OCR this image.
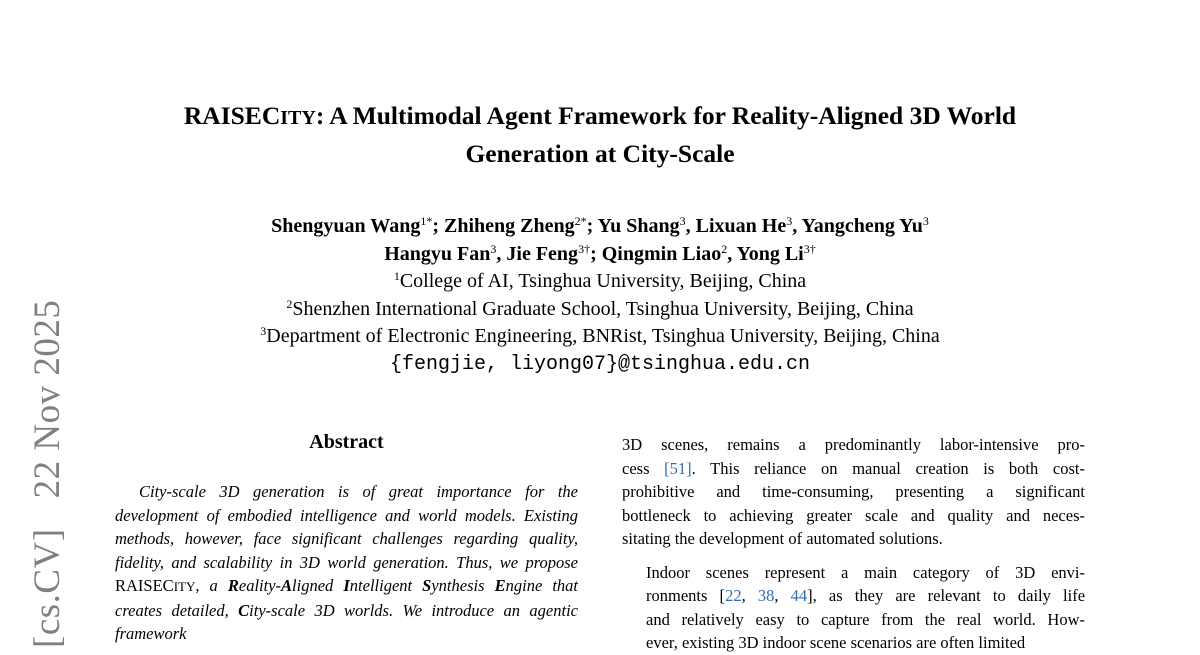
[cs.CV]22 Nov 2025
RAISECITY: A Multimodal Agent Framework for Reality-Aligned 3D World
Generation at City-Scale
Shengyuan Wang$^{1*}$; Zhiheng Zheng$^{2*}$; Yu Shang$^3$, Lixuan He$^3$, Yangcheng Yu$^3$
Hangyu Fan$^3$, Jie Feng$^{3\dagger}$; Qingmin Liao$^2$, Yong $Li^{3\dagger}$
$^1$College of AI, Tsinghua University, Beijing, China
$^2$Shenzhen International Graduate School, Tsinghua University, Beijing, China
$^3$Department of Electronic Engineering, BNRist, Tsinghua University, Beijing, China
{fengjie, liyong07}@tsinghua.edu.cn
Abstract

City-scale 3D generation is of great importance for the development of embodied intelligence and world models. Existing methods, however, face significant challenges regarding quality, fidelity, and scalability in 3D world generation. Thus, we propose RAISECITY, a Reality-Aligned Intelligent Synthesis Engine that creates detailed, City-scale 3D worlds. We introduce an agentic framework

3D scenes, remains a predominantly labor-intensive pro-
cess [51]. This reliance on manual creation is both cost-
prohibitive and time-consuming, presenting a significant
bottleneck to achieving greater scale and quality and neces-
sitating the development of automated solutions.

Indoor scenes represent a main category of 3D envi-
ronments [22, 38, 44], as they are relevant to daily life
and relatively easy to capture from the real world. How-
ever, existing 3D indoor scene scenarios are often limited
